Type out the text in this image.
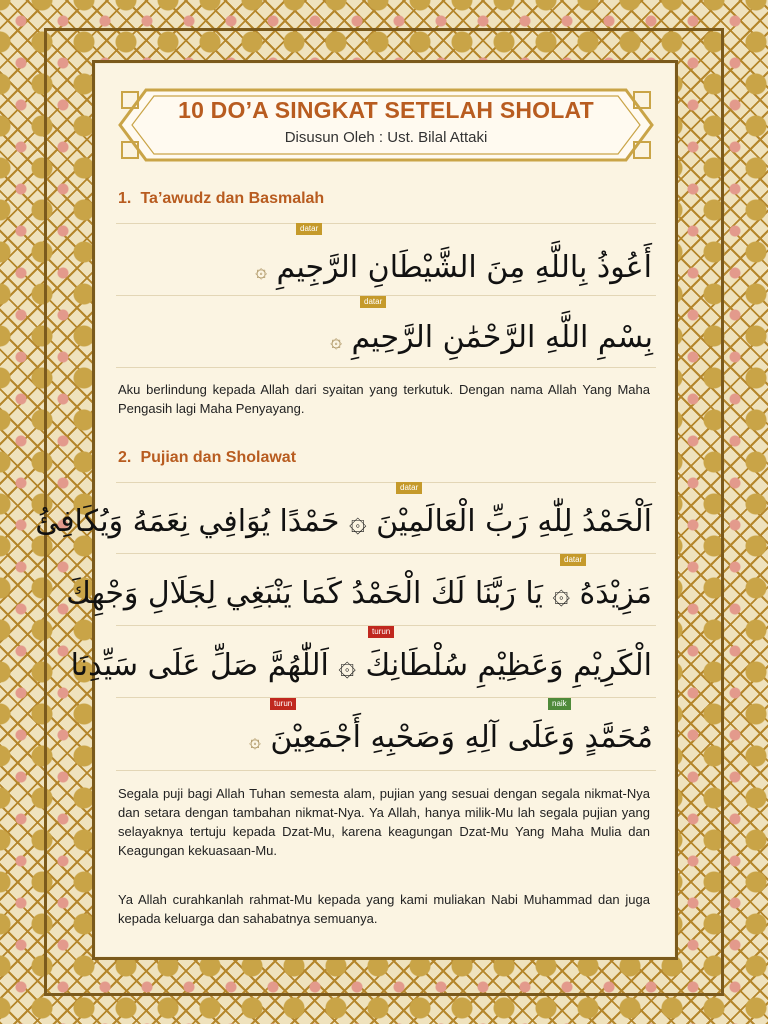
10 DO’A SINGKAT SETELAH SHOLAT
Disusun Oleh : Ust. Bilal Attaki
1. Ta’awudz dan Basmalah
datar
أَعُوذُ بِاللَّهِ مِنَ الشَّيْطَانِ الرَّجِيمِ ۞
datar
بِسْمِ اللَّهِ الرَّحْمَٰنِ الرَّحِيمِ ۞
Aku berlindung kepada Allah dari syaitan yang terkutuk. Dengan nama Allah Yang Maha Pengasih lagi Maha Penyayang.
2. Pujian dan Sholawat
datar
اَلْحَمْدُ لِلّٰهِ رَبِّ الْعَالَمِيْنَ ۞ حَمْدًا يُوَافِي نِعَمَهُ وَيُكَافِئُ
datar
مَزِيْدَهُ ۞ يَا رَبَّنَا لَكَ الْحَمْدُ كَمَا يَنْبَغِي لِجَلَالِ وَجْهِكَ
turun
الْكَرِيْمِ وَعَظِيْمِ سُلْطَانِكَ ۞ اَللّٰهُمَّ صَلِّ عَلَى سَيِّدِنَا
turun	naik
مُحَمَّدٍ وَعَلَى آلِهِ وَصَحْبِهِ أَجْمَعِيْنَ ۞
Segala puji bagi Allah Tuhan semesta alam, pujian yang sesuai dengan segala nikmat-Nya dan setara dengan tambahan nikmat-Nya. Ya Allah, hanya milik-Mu lah segala pujian yang selayaknya tertuju kepada Dzat-Mu, karena keagungan Dzat-Mu Yang Maha Mulia dan Keagungan kekuasaan-Mu.
Ya Allah curahkanlah rahmat-Mu kepada yang kami muliakan Nabi Muhammad dan juga kepada keluarga dan sahabatnya semuanya.
